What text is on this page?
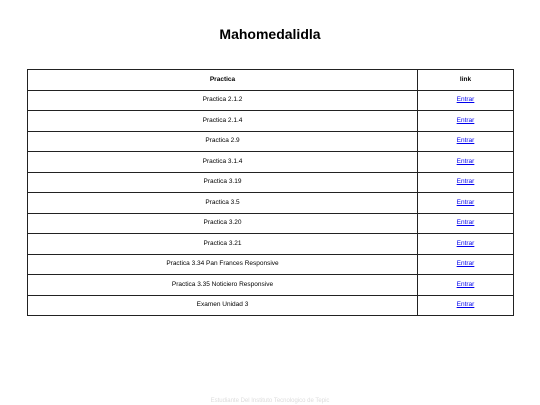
Mahomedalidla
Practica	link
Practica 2.1.2	Entrar
Practica 2.1.4	Entrar
Practica 2.9	Entrar
Practica 3.1.4	Entrar
Practica 3.19	Entrar
Practica 3.5	Entrar
Practica 3.20	Entrar
Practica 3.21	Entrar
Practica 3.34 Pan Frances Responsive	Entrar
Practica 3.35 Noticiero Responsive	Entrar
Examen Unidad 3	Entrar
Estudiante Del Instituto Tecnologico de Tepic
